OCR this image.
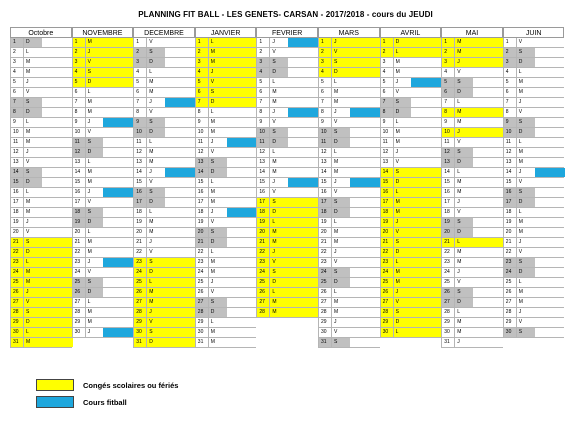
PLANNING FIT BALL - LES GENETS- CARSAN - 2017/2018 - cours du JEUDI
Octobre
1 D
2 L
3 M
4 M
5 J
6 V
7 S
8 D
9 L
10 M
11 M
12 J
13 V
14 S
15 D
16 L
17 M
18 M
19 J
20 V
21 S
22 D
23 L
24 M
25 M
26 J
27 V
28 S
29 D
30 L
31 M
NOVEMBRE
1 M
2 J
3 V
4 S
5 D
6 L
7 M
8 M
9 J
10 V
11 S
12 D
13 L
14 M
15 M
16 J
17 V
18 S
19 D
20 L
21 M
22 M
23 J
24 V
25 S
26 D
27 L
28 M
29 M
30 J
DECEMBRE
1 V
2 S
3 D
4 L
5 M
6 M
7 J
8 V
9 S
10 D
11 L
12 M
13 M
14 J
15 V
16 S
17 D
18 L
19 M
20 M
21 J
22 V
23 S
24 D
25 L
26 M
27 M
28 J
29 V
30 S
31 D
JANVIER
1 L
2 M
3 M
4 J
5 V
6 S
7 D
8 L
9 M
10 M
11 J
12 V
13 S
14 D
15 L
16 M
17 M
18 J
19 V
20 S
21 D
22 L
23 M
24 M
25 J
26 V
27 S
28 D
29 L
30 M
31 M
FEVRIER
1 J
2 V
3 S
4 D
5 L
6 M
7 M
8 J
9 V
10 S
11 D
12 L
13 M
14 M
15 J
16 V
17 S
18 D
19 L
20 M
21 M
22 J
23 V
24 S
25 D
26 L
27 M
28 M
MARS
1 J
2 V
3 S
4 D
5 L
6 M
7 M
8 J
9 V
10 S
11 D
12 L
13 M
14 M
15 J
16 V
17 S
18 D
19 L
20 M
21 M
22 J
23 V
24 S
25 D
26 L
27 M
28 M
29 J
30 V
31 S
AVRIL
1 D
2 L
3 M
4 M
5 J
6 V
7 S
8 D
9 L
10 M
11 M
12 J
13 V
14 S
15 D
16 L
17 M
18 M
19 J
20 V
21 S
22 D
23 L
24 M
25 M
26 J
27 V
28 S
29 D
30 L
MAI
1 M
2 M
3 J
4 V
5 S
6 D
7 L
8 M
9 M
10 J
11 V
12 S
13 D
14 L
15 M
16 M
17 J
18 V
19 S
20 D
21 L
22 M
23 M
24 J
25 V
26 S
27 D
28 L
29 M
30 M
31 J
JUIN
1 V
2 S
3 D
4 L
5 M
6 M
7 J
8 V
9 S
10 D
11 L
12 M
13 M
14 J
15 V
16 S
17 D
18 L
19 M
20 M
21 J
22 V
23 S
24 D
25 L
26 M
27 M
28 J
29 V
30 S
Congés scolaires ou fériés
Cours fitball
